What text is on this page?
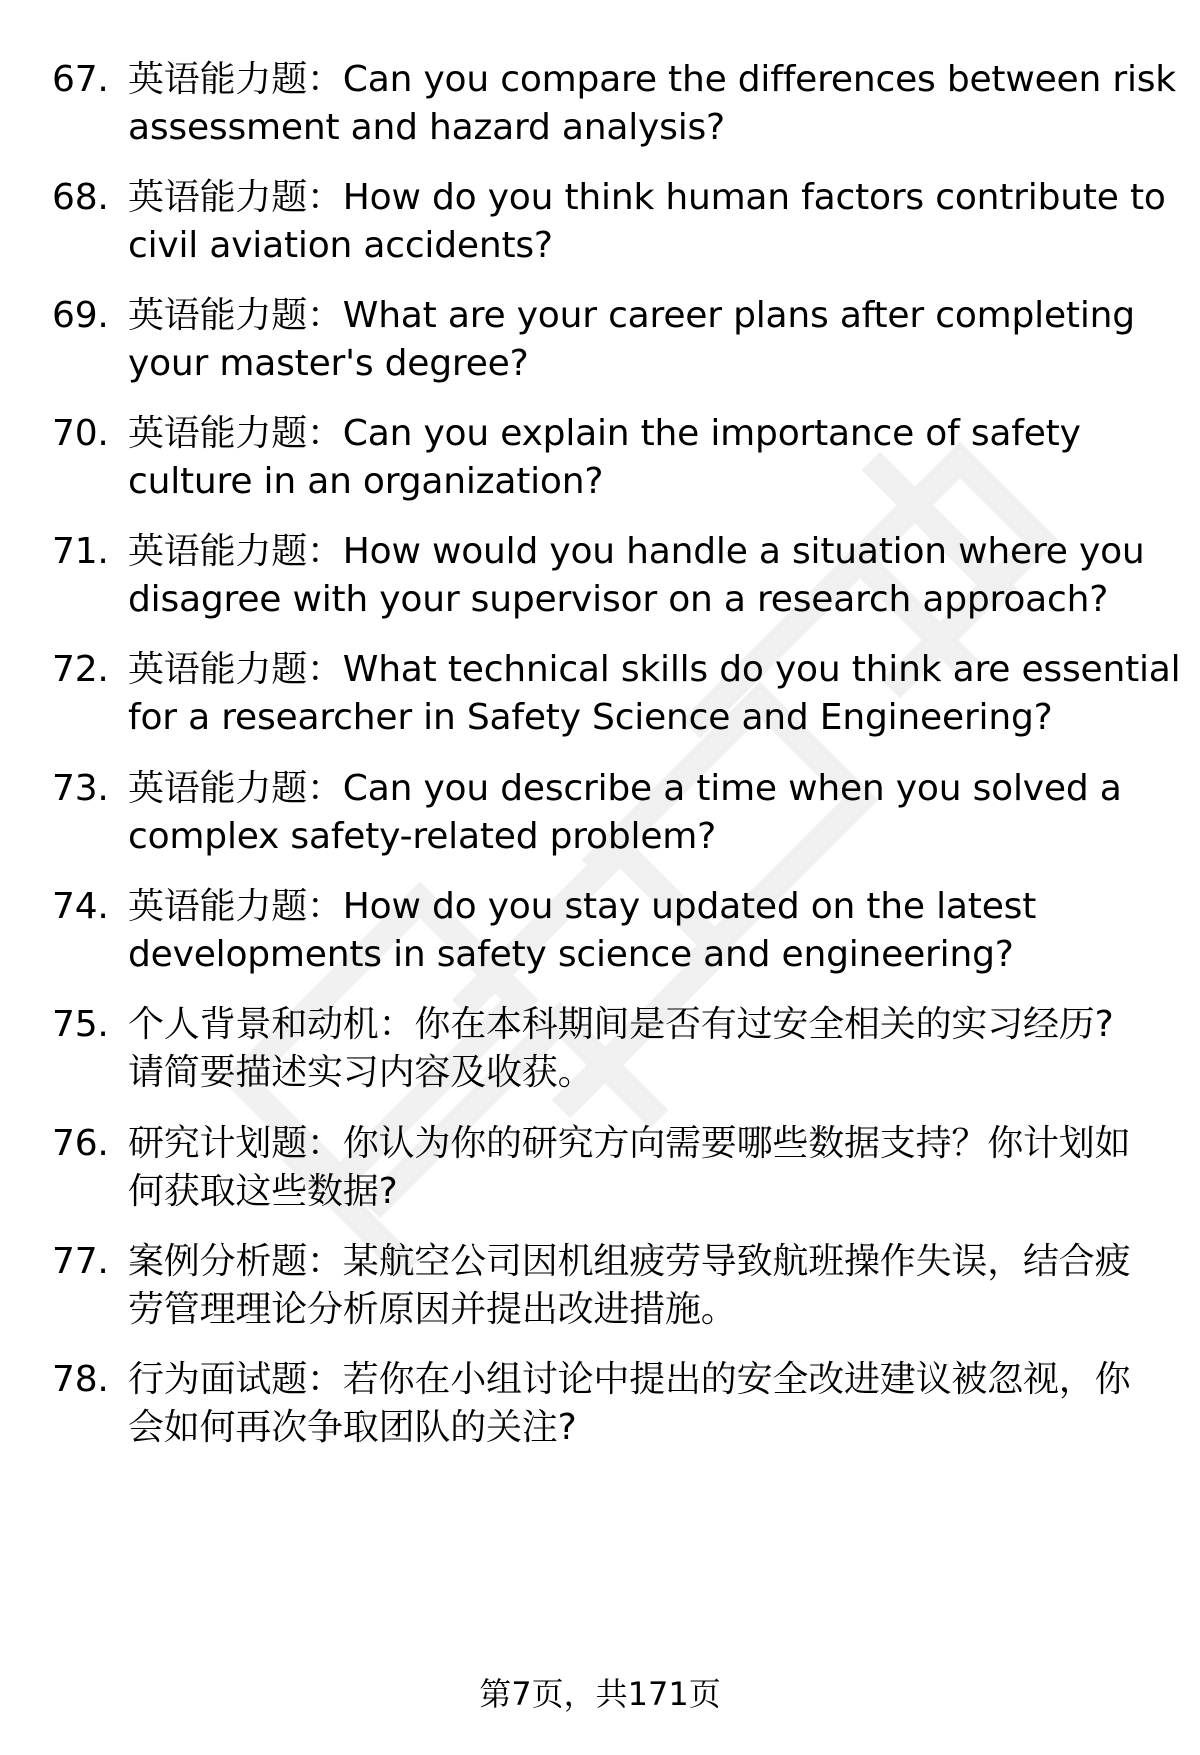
67. 英语能力题：Can you compare the differences between risk
assessment and hazard analysis?
68. 英语能力题：How do you think human factors contribute to
civil aviation accidents?
69. 英语能力题：What are your career plans after completing
your master's degree?
70. 英语能力题：Can you explain the importance of safety
culture in an organization?
71. 英语能力题：How would you handle a situation where you
disagree with your supervisor on a research approach?
72. 英语能力题：What technical skills do you think are essential
for a researcher in Safety Science and Engineering?
73. 英语能力题：Can you describe a time when you solved a
complex safety-related problem?
74. 英语能力题：How do you stay updated on the latest
developments in safety science and engineering?
75. 个人背景和动机：你在本科期间是否有过安全相关的实习经历?
请简要描述实习内容及收获。
76. 研究计划题：你认为你的研究方向需要哪些数据支持？你计划如
何获取这些数据?
77. 案例分析题：某航空公司因机组疲劳导致航班操作失误，结合疲
劳管理理论分析原因并提出改进措施。
78. 行为面试题：若你在小组讨论中提出的安全改进建议被忽视，你
会如何再次争取团队的关注?
第7页，共171页
